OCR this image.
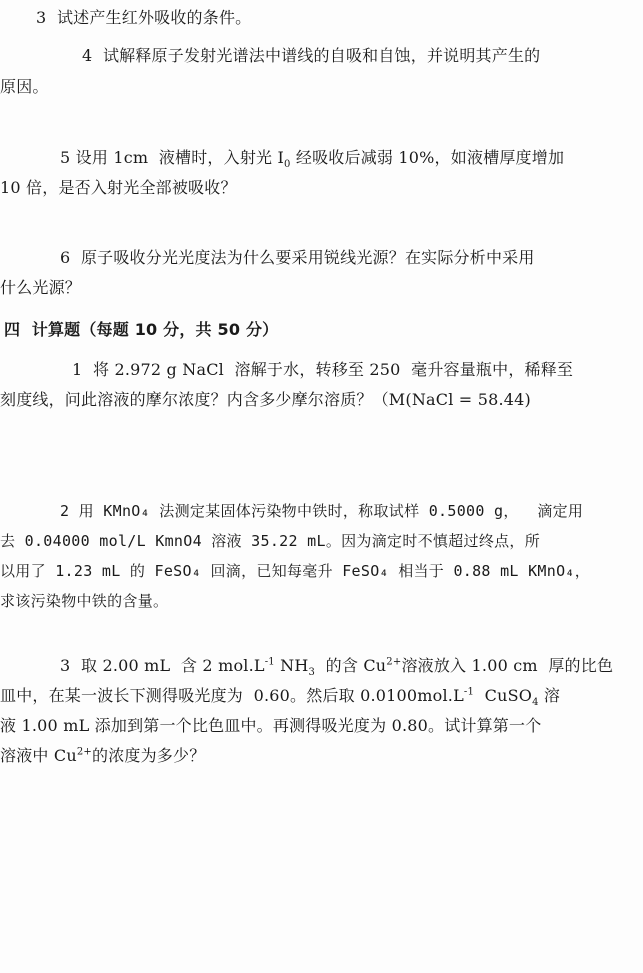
3  试述产生红外吸收的条件。
4  试解释原子发射光谱法中谱线的自吸和自蚀，并说明其产生的
原因。
5 设用 1cm  液槽时，入射光 $I_0$ 经吸收后减弱 10%，如液槽厚度增加
10 倍，是否入射光全部被吸收？
6  原子吸收分光光度法为什么要采用锐线光源？在实际分析中采用
什么光源？
四  计算题（每题 10 分，共 50 分）
1  将 2.972 g NaCl  溶解于水，转移至 250  毫升容量瓶中，稀释至
刻度线，问此溶液的摩尔浓度？内含多少摩尔溶质？（M(NaCl = 58.44)
2 用 KMnO₄ 法测定某固体污染物中铁时，称取试样 0.5000 g，  滴定用
去 0.04000 mol/L KmnO4 溶液 35.22 mL。因为滴定时不慎超过终点，所
以用了 1.23 mL 的 FeSO₄ 回滴，已知每毫升 FeSO₄ 相当于 0.88 mL KMnO₄，
求该污染物中铁的含量。
3  取 2.00 mL  含 2 $mol.L^{-1}$ $NH_3$  的含 $Cu^{2+}$溶液放入 1.00 cm  厚的比色
皿中，在某一波长下测得吸光度为  0.60。然后取 $0.0100mol.L^{-1}$  CuSO$_4$ 溶
液 1.00 mL 添加到第一个比色皿中。再测得吸光度为 0.80。试计算第一个
溶液中 $Cu^{2+}$的浓度为多少？
